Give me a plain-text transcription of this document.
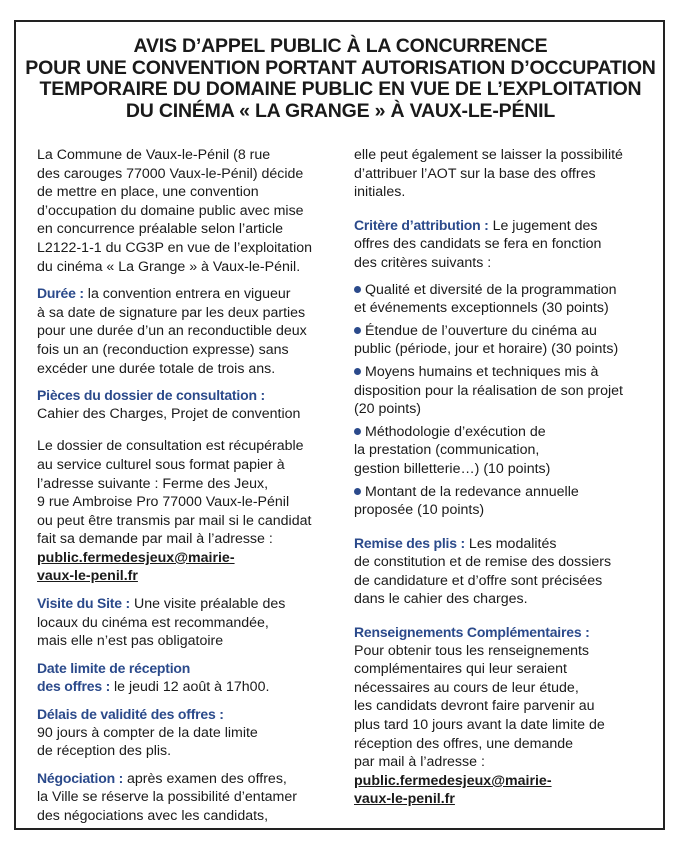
AVIS D’APPEL PUBLIC À LA CONCURRENCE
POUR UNE CONVENTION PORTANT AUTORISATION D’OCCUPATION
TEMPORAIRE DU DOMAINE PUBLIC EN VUE DE L’EXPLOITATION
DU CINÉMA « LA GRANGE » À VAUX-LE-PÉNIL

La Commune de Vaux-le-Pénil (8 rue
des carouges 77000 Vaux-le-Pénil) décide
de mettre en place, une convention
d’occupation du domaine public avec mise
en concurrence préalable selon l’article
L2122-1-1 du CG3P en vue de l’exploitation
du cinéma « La Grange » à Vaux-le-Pénil.

Durée : la convention entrera en vigueur
à sa date de signature par les deux parties
pour une durée d’un an reconductible deux
fois un an (reconduction expresse) sans
excéder une durée totale de trois ans.

Pièces du dossier de consultation :
Cahier des Charges, Projet de convention

Le dossier de consultation est récupérable
au service culturel sous format papier à
l’adresse suivante : Ferme des Jeux,
9 rue Ambroise Pro 77000 Vaux-le-Pénil
ou peut être transmis par mail si le candidat
fait sa demande par mail à l’adresse :
public.fermedesjeux@mairie-
vaux-le-penil.fr

Visite du Site : Une visite préalable des
locaux du cinéma est recommandée,
mais elle n’est pas obligatoire

Date limite de réception
des offres : le jeudi 12 août à 17h00.

Délais de validité des offres :
90 jours à compter de la date limite
de réception des plis.

Négociation : après examen des offres,
la Ville se réserve la possibilité d’entamer
des négociations avec les candidats,

elle peut également se laisser la possibilité
d’attribuer l’AOT sur la base des offres
initiales.

Critère d’attribution : Le jugement des
offres des candidats se fera en fonction
des critères suivants :

Qualité et diversité de la programmation
et événements exceptionnels (30 points)

Étendue de l’ouverture du cinéma au
public (période, jour et horaire) (30 points)

Moyens humains et techniques mis à
disposition pour la réalisation de son projet
(20 points)

Méthodologie d’exécution de
la prestation (communication,
gestion billetterie…) (10 points)

Montant de la redevance annuelle
proposée (10 points)

Remise des plis : Les modalités
de constitution et de remise des dossiers
de candidature et d’offre sont précisées
dans le cahier des charges.

Renseignements Complémentaires :
Pour obtenir tous les renseignements
complémentaires qui leur seraient
nécessaires au cours de leur étude,
les candidats devront faire parvenir au
plus tard 10 jours avant la date limite de
réception des offres, une demande
par mail à l’adresse :
public.fermedesjeux@mairie-
vaux-le-penil.fr
